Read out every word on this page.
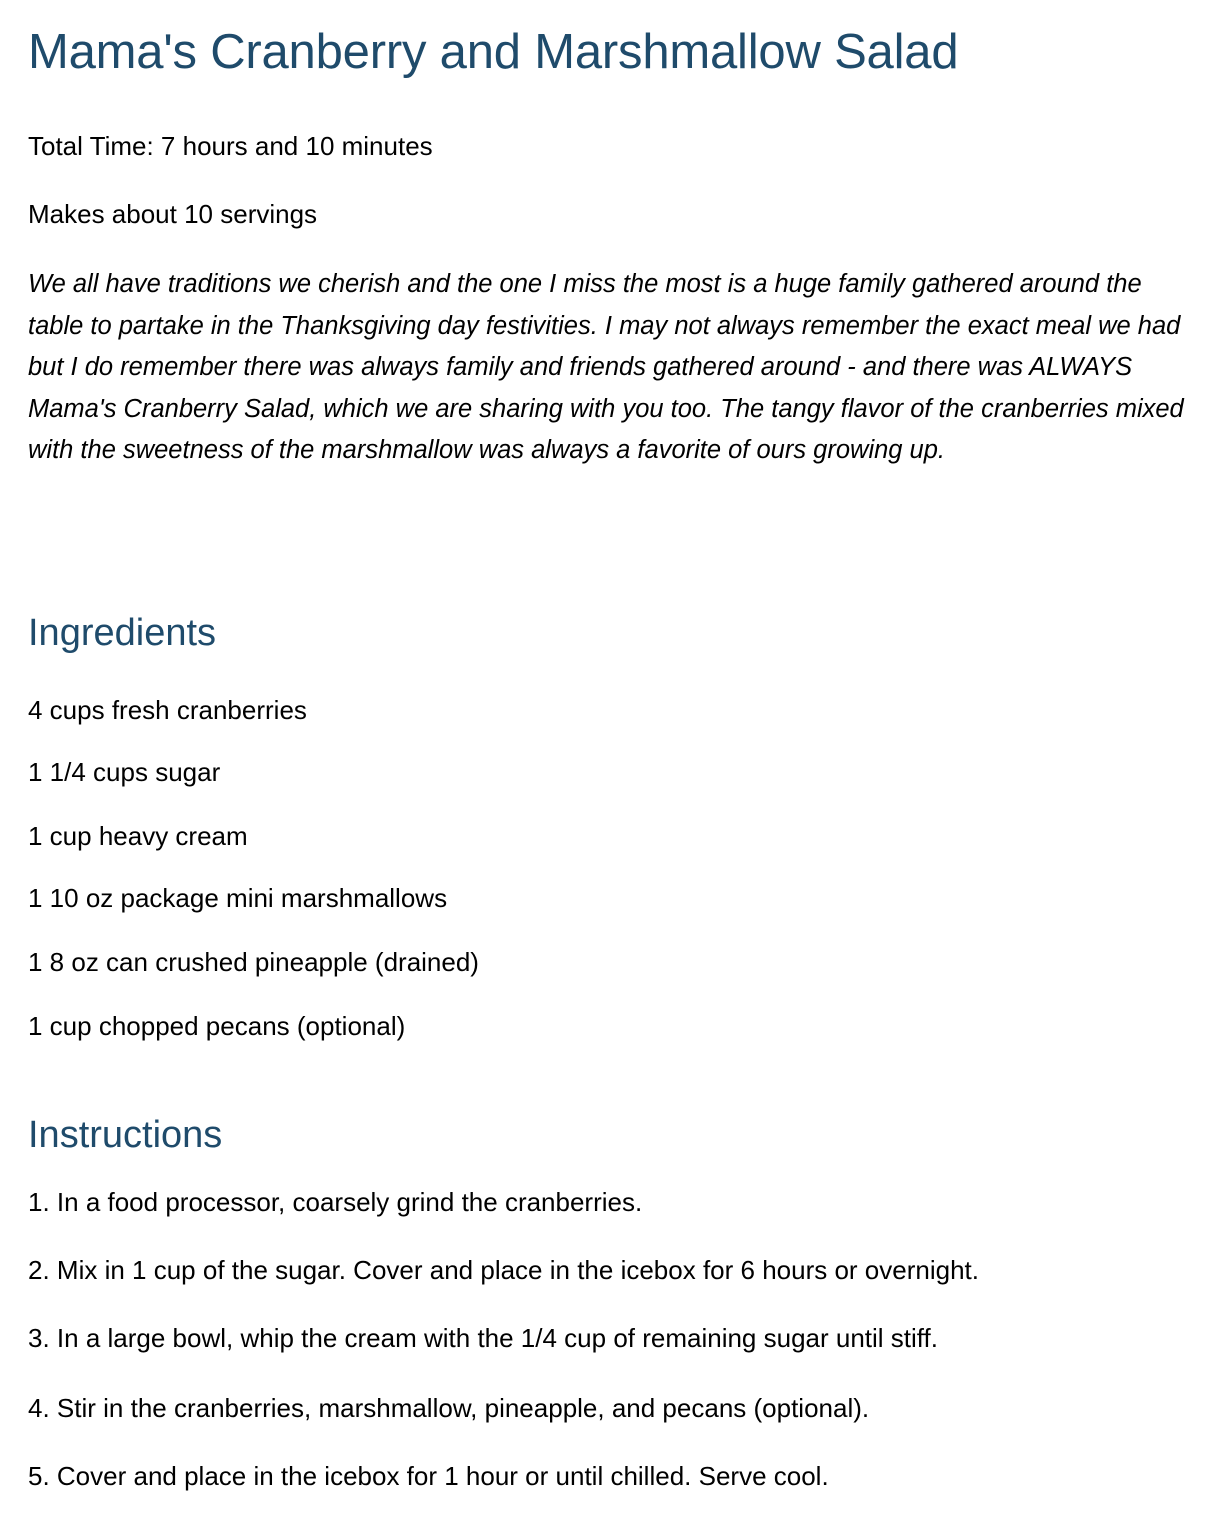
Mama's Cranberry and Marshmallow Salad

Total Time: 7 hours and 10 minutes

Makes about 10 servings

We all have traditions we cherish and the one I miss the most is a huge family gathered around the table to partake in the Thanksgiving day festivities. I may not always remember the exact meal we had but I do remember there was always family and friends gathered around - and there was ALWAYS Mama's Cranberry Salad, which we are sharing with you too. The tangy flavor of the cranberries mixed with the sweetness of the marshmallow was always a favorite of ours growing up.

Ingredients
4 cups fresh cranberries
1 1/4 cups sugar
1 cup heavy cream
1 10 oz package mini marshmallows
1 8 oz can crushed pineapple (drained)
1 cup chopped pecans (optional)
Instructions
1. In a food processor, coarsely grind the cranberries.
2. Mix in 1 cup of the sugar. Cover and place in the icebox for 6 hours or overnight.
3. In a large bowl, whip the cream with the 1/4 cup of remaining sugar until stiff.
4. Stir in the cranberries, marshmallow, pineapple, and pecans (optional).
5. Cover and place in the icebox for 1 hour or until chilled. Serve cool.
